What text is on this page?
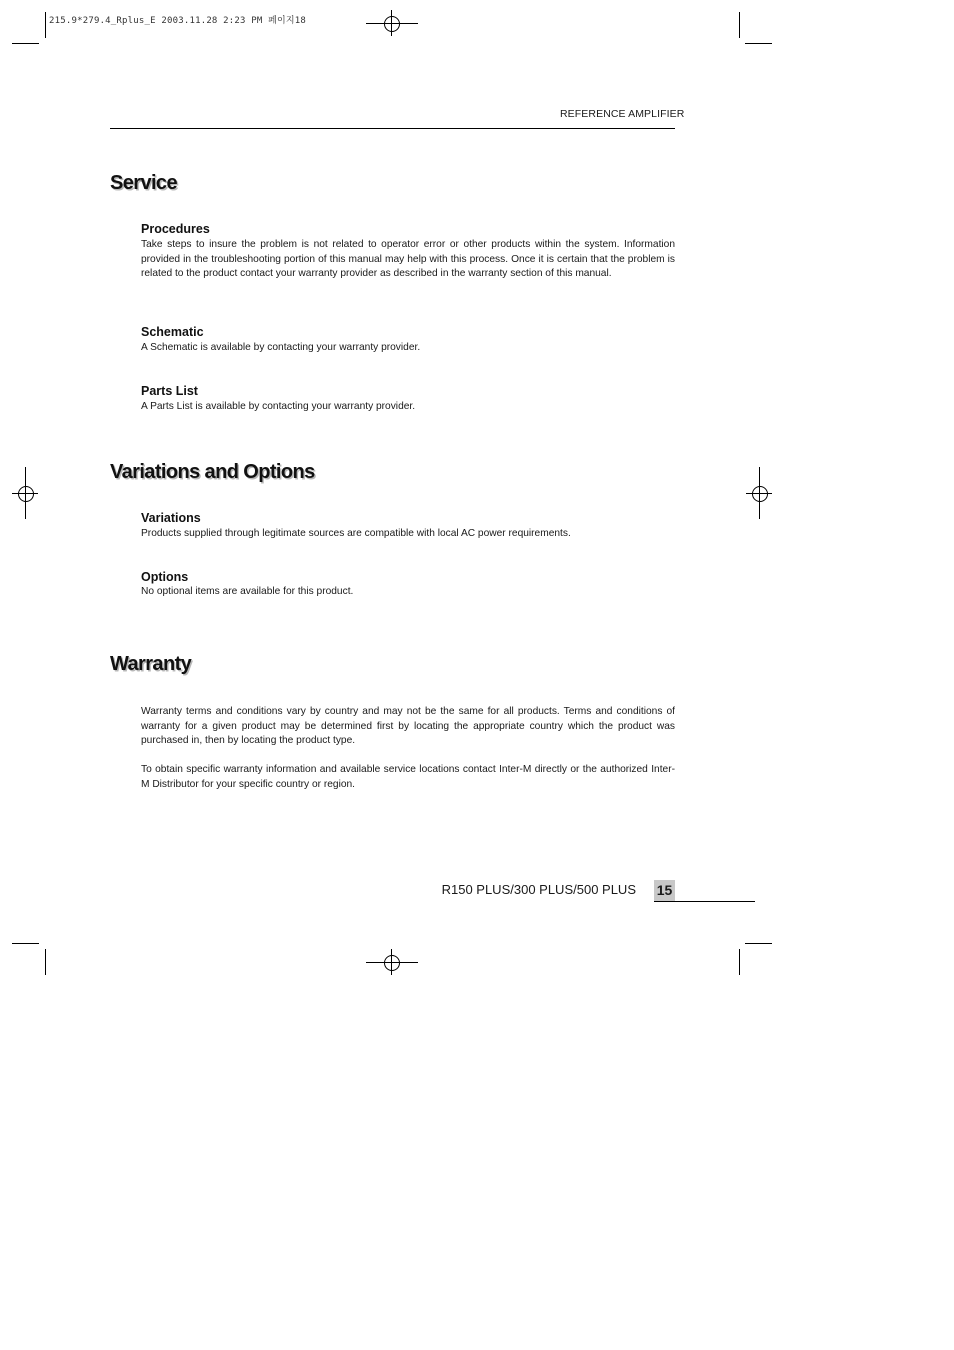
215.9*279.4_Rplus_E 2003.11.28 2:23 PM 페이지18
REFERENCE AMPLIFIER
Service
Procedures

Take steps to insure the problem is not related to operator error or other products within the system. Information provided in the troubleshooting portion of this manual may help with this process. Once it is certain that the problem is related to the product contact your warranty provider as described in the warranty section of this manual.

Schematic

A Schematic is available by contacting your warranty provider.

Parts List

A Parts List is available by contacting your warranty provider.

Variations and Options
Variations

Products supplied through legitimate sources are compatible with local AC power requirements.

Options

No optional items are available for this product.

Warranty

Warranty terms and conditions vary by country and may not be the same for all products. Terms and conditions of warranty for a given product may be determined first by locating the appropriate country which the product was purchased in, then by locating the product type.

To obtain specific warranty information and available service locations contact Inter-M directly or the authorized Inter-M Distributor for your specific country or region.

R150 PLUS/300 PLUS/500 PLUS 15
